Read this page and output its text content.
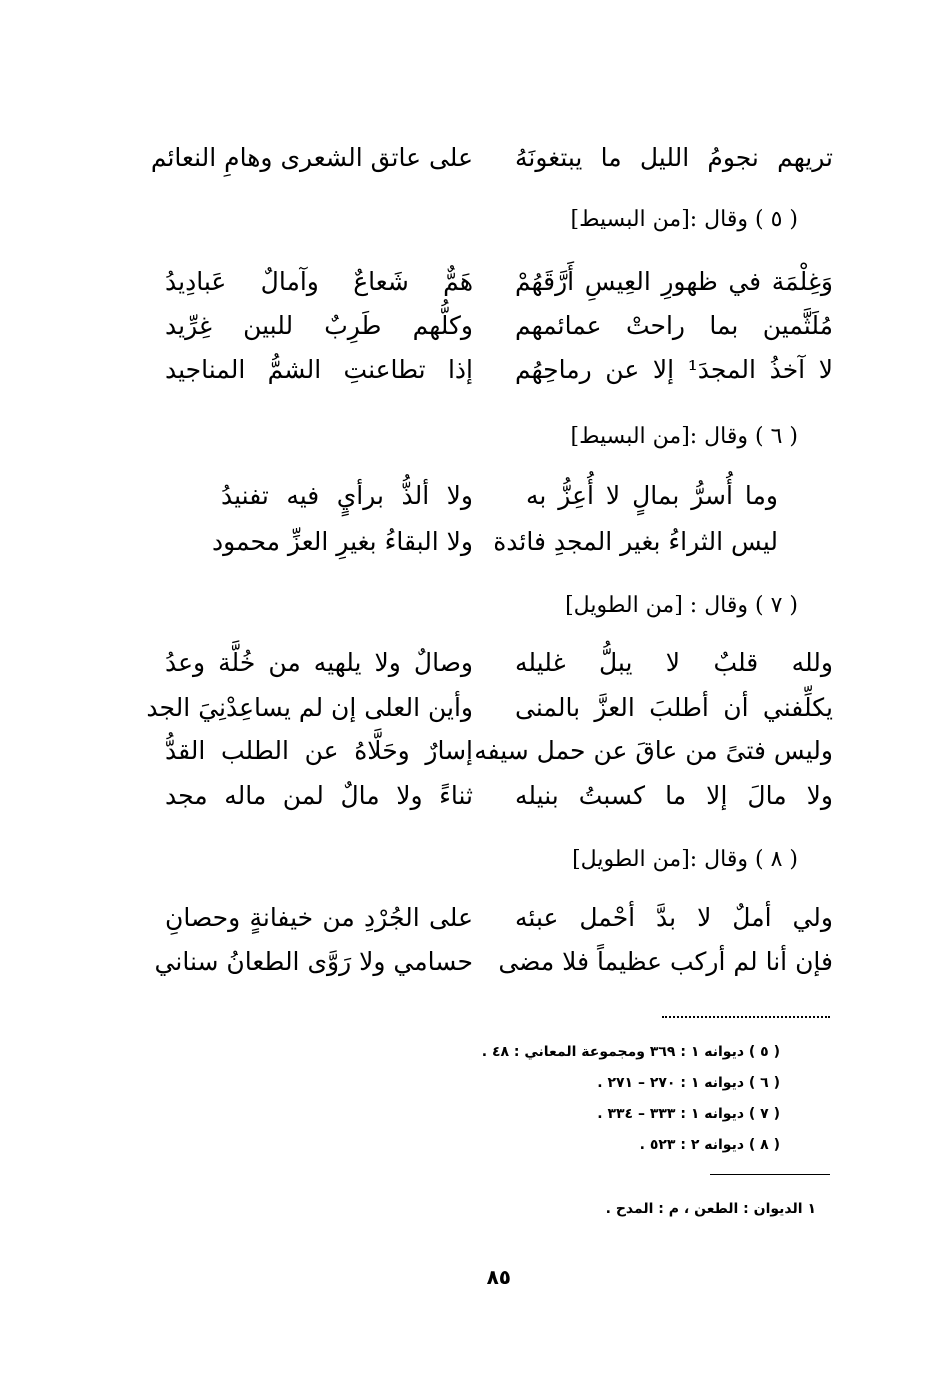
تريهم نجومُ الليل ما يبتغونَهُ
على عاتق الشعرى وهامِ النعائم
( ٥ ) وقال :[من البسيط]
وَغِلْمَة في ظهورِ العِيسِ أَرَّقَهُمْ
هَمٌّ شَعاعٌ وآمالٌ عَبادِيدُ
مُلَثَّمين بما راحتْ عمائمهم
وكلُّهم طَرِبٌ للبين غِرِّيد
لا آخذُ المجدَ¹ إلا عن رماحِهُم
إذا تطاعنتِ الشمُّ المناجيد
( ٦ ) وقال :[من البسيط]
وما أُسرُّ بمالٍ لا أُعِزُّ به
ولا ألذُّ برأيٍ فيه تفنيدُ
ليس الثراءُ بغير المجدِ فائدة
ولا البقاءُ بغيرِ العزِّ محمود
( ٧ ) وقال : [من الطويل]
ولله قلبٌ لا يبلُّ غليله
وصالٌ ولا يلهيه من خُلَّة وعدُ
يكلِّفني أن أطلبَ العزَّ بالمنى
وأين العلى إن لم يساعِدْنِيَ الجد
وليس فتىً من عاقَ عن حمل سيفه
إسارٌ وحَلَّاهُ عن الطلب القدُّ
ولا مالَ إلا ما كسبتُ بنيله
ثناءً ولا مالٌ لمن ماله مجد
( ٨ ) وقال :[من الطويل]
ولي أملٌ لا بدَّ أحْمل عبئه
على الجُرْدِ من خيفانةٍ وحصانِ
فإن أنا لم أركب عظيماً فلا مضى
حسامي ولا رَوَّى الطعانُ سناني
( ٥ ) ديوانه ١ : ٣٦٩ ومجموعة المعاني : ٤٨ .
( ٦ ) ديوانه ١ : ٢٧٠ – ٢٧١ .
( ٧ ) ديوانه ١ : ٣٣٣ – ٣٣٤ .
( ٨ ) ديوانه ٢ : ٥٢٣ .
١ الديوان : الطعن ، م : المدح .
٨٥
